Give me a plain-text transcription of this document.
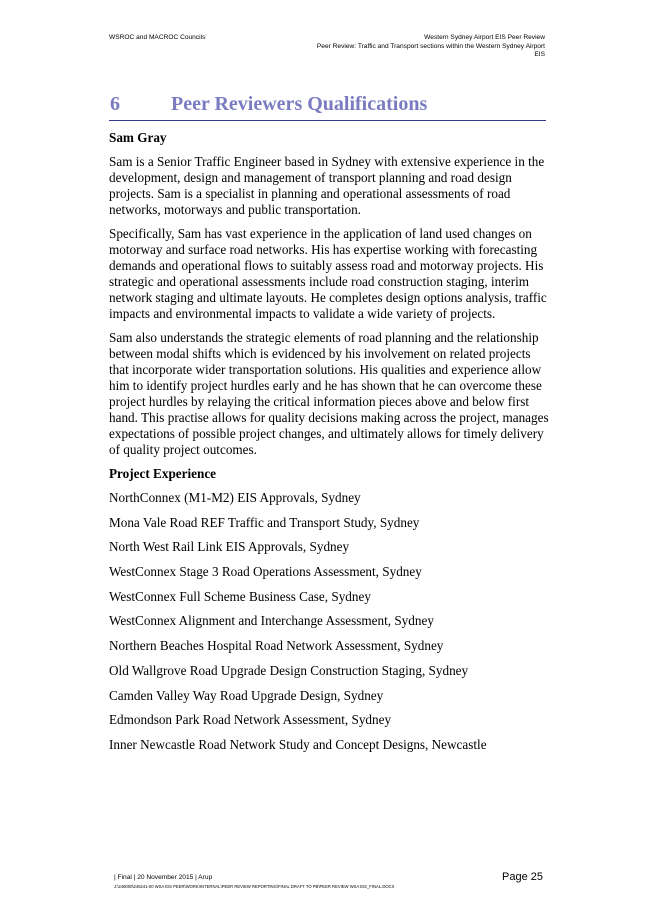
WSROC and MACROC Councils	Western Sydney Airport EIS Peer Review
Peer Review: Traffic and Transport sections within the Western Sydney Airport
EIS
6	Peer Reviewers Qualifications
Sam Gray

Sam is a Senior Traffic Engineer based in Sydney with extensive experience in the development, design and management of transport planning and road design projects. Sam is a specialist in planning and operational assessments of road networks, motorways and public transportation.

Specifically, Sam has vast experience in the application of land used changes on motorway and surface road networks. His has expertise working with forecasting demands and operational flows to suitably assess road and motorway projects. His strategic and operational assessments include road construction staging, interim network staging and ultimate layouts. He completes design options analysis, traffic impacts and environmental impacts to validate a wide variety of projects.

Sam also understands the strategic elements of road planning and the relationship between modal shifts which is evidenced by his involvement on related projects that incorporate wider transportation solutions. His qualities and experience allow him to identify project hurdles early and he has shown that he can overcome these project hurdles by relaying the critical information pieces above and below first hand. This practise allows for quality decisions making across the project, manages expectations of possible project changes, and ultimately allows for timely delivery of quality project outcomes.

Project Experience
NorthConnex (M1-M2) EIS Approvals, Sydney
Mona Vale Road REF Traffic and Transport Study, Sydney
North West Rail Link EIS Approvals, Sydney
WestConnex Stage 3 Road Operations Assessment, Sydney
WestConnex Full Scheme Business Case, Sydney
WestConnex Alignment and Interchange Assessment, Sydney
Northern Beaches Hospital Road Network Assessment, Sydney
Old Wallgrove Road Upgrade Design Construction Staging, Sydney
Camden Valley Way Road Upgrade Design, Sydney
Edmondson Park Road Network Assessment, Sydney
Inner Newcastle Road Network Study and Concept Designs, Newcastle
| Final | 20 November 2015 | Arup
J:\246000\246241-00 WSA EIS PEER\WORK\INTERNAL\PEER REVIEW REPORTING\FINAL DRAFT TO PB\PEER REVIEW WSA EIS_FINAL.DOCX
Page 25
